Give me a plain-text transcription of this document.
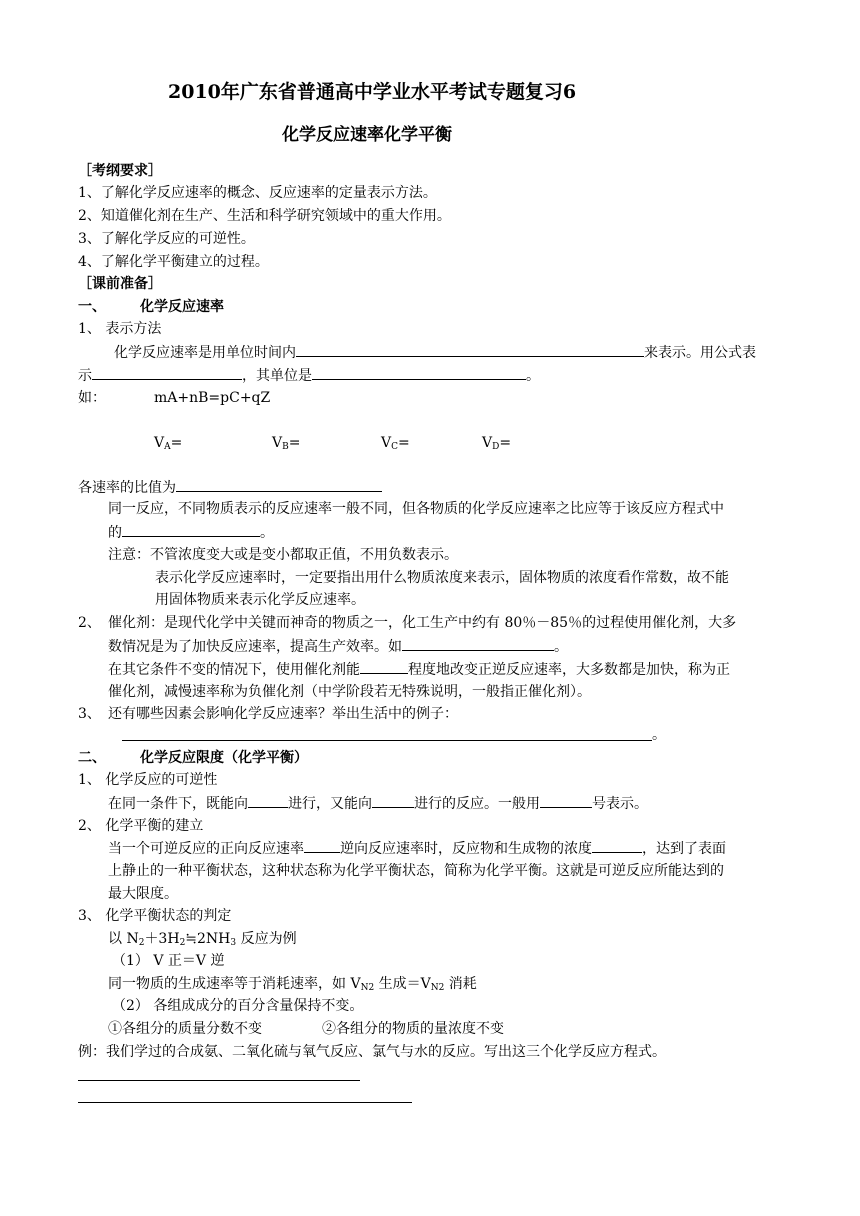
2010年广东省普通高中学业水平考试专题复习6
化学反应速率化学平衡
［考纲要求］
1、了解化学反应速率的概念、反应速率的定量表示方法。
2、知道催化剂在生产、生活和科学研究领域中的重大作用。
3、了解化学反应的可逆性。
4、了解化学平衡建立的过程。
［课前准备］
一、 化学反应速率
1、 表示方法
化学反应速率是用单位时间内	来表示。用公式表
示	，其单位是	。
如：	mA+nB=pC+qZ
$V_A=$	$V_B=$	$V_C=$	$V_D=$
各速率的比值为
同一反应，不同物质表示的反应速率一般不同，但各物质的化学反应速率之比应等于该反应方程式中
的	。
注意：不管浓度变大或是变小都取正值，不用负数表示。
表示化学反应速率时，一定要指出用什么物质浓度来表示，固体物质的浓度看作常数，故不能
用固体物质来表示化学反应速率。
2、 催化剂：是现代化学中关键而神奇的物质之一，化工生产中约有 80％－85％的过程使用催化剂，大多
数情况是为了加快反应速率，提高生产效率。如	。
在其它条件不变的情况下，使用催化剂能	程度地改变正逆反应速率，大多数都是加快，称为正
催化剂，减慢速率称为负催化剂（中学阶段若无特殊说明，一般指正催化剂）。
3、 还有哪些因素会影响化学反应速率？举出生活中的例子：
。
二、 化学反应限度（化学平衡）
1、 化学反应的可逆性
在同一条件下，既能向	进行，又能向	进行的反应。一般用	号表示。
2、 化学平衡的建立
当一个可逆反应的正向反应速率	逆向反应速率时，反应物和生成物的浓度	，达到了表面
上静止的一种平衡状态，这种状态称为化学平衡状态，简称为化学平衡。这就是可逆反应所能达到的
最大限度。
3、 化学平衡状态的判定
以 $N_2+3H_2≒2NH_3$ 反应为例
（1） V 正＝V 逆
同一物质的生成速率等于消耗速率，如 $V_{N2}$ 生成$=V_{N2}$ 消耗
（2） 各组成成分的百分含量保持不变。
①各组分的质量分数不变	②各组分的物质的量浓度不变
例：我们学过的合成氨、二氧化硫与氧气反应、氯气与水的反应。写出这三个化学反应方程式。
